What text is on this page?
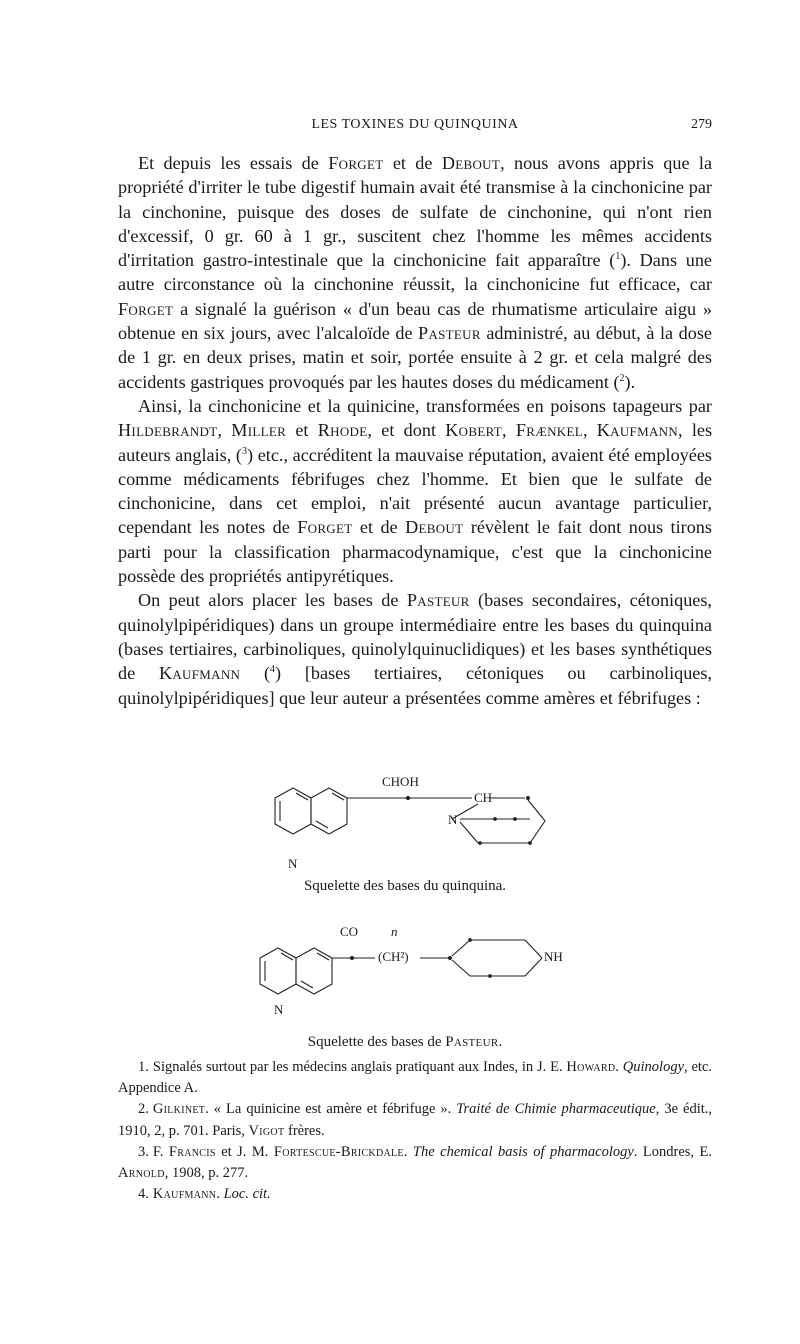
LES TOXINES DU QUINQUINA	279

Et depuis les essais de Forget et de Debout, nous avons appris que la propriété d'irriter le tube digestif humain avait été transmise à la cinchonicine par la cinchonine, puisque des doses de sulfate de cinchonine, qui n'ont rien d'excessif, 0 gr. 60 à 1 gr., suscitent chez l'homme les mêmes accidents d'irritation gastro-intestinale que la cinchonicine fait apparaître ($^1$). Dans une autre circonstance où la cinchonine réussit, la cinchonicine fut efficace, car Forget a signalé la guérison « d'un beau cas de rhumatisme articulaire aigu » obtenue en six jours, avec l'alcaloïde de Pasteur administré, au début, à la dose de 1 gr. en deux prises, matin et soir, portée ensuite à 2 gr. et cela malgré des accidents gastriques provoqués par les hautes doses du médicament ($^2$).

Ainsi, la cinchonicine et la quinicine, transformées en poisons tapageurs par Hildebrandt, Miller et Rhode, et dont Kobert, Frænkel, Kaufmann, les auteurs anglais, ($^3$) etc., accréditent la mauvaise réputation, avaient été employées comme médicaments fébrifuges chez l'homme. Et bien que le sulfate de cinchonicine, dans cet emploi, n'ait présenté aucun avantage particulier, cependant les notes de Forget et de Debout révèlent le fait dont nous tirons parti pour la classification pharmacodynamique, c'est que la cinchonicine possède des propriétés antipyrétiques.

On peut alors placer les bases de Pasteur (bases secondaires, cétoniques, quinolylpipéridiques) dans un groupe intermédiaire entre les bases du quinquina (bases tertiaires, carbinoliques, quinolylquinuclidiques) et les bases synthétiques de Kaufmann ($^4$) [bases tertiaires, cétoniques ou carbinoliques, quinolylpipéridiques] que leur auteur a présentées comme amères et fébrifuges :

CHOH
CH
N
N
Squelette des bases du quinquina.
CO	n
(CH²)	NH
N
Squelette des bases de Pasteur.

1. Signalés surtout par les médecins anglais pratiquant aux Indes, in J. E. Howard. Quinology, etc. Appendice A.

2. Gilkinet. « La quinicine est amère et fébrifuge ». Traité de Chimie pharmaceutique, 3e édit., 1910, 2, p. 701. Paris, Vigot frères.

3. F. Francis et J. M. Fortescue-Brickdale. The chemical basis of pharmacology. Londres, E. Arnold, 1908, p. 277.

4. Kaufmann. Loc. cit.
